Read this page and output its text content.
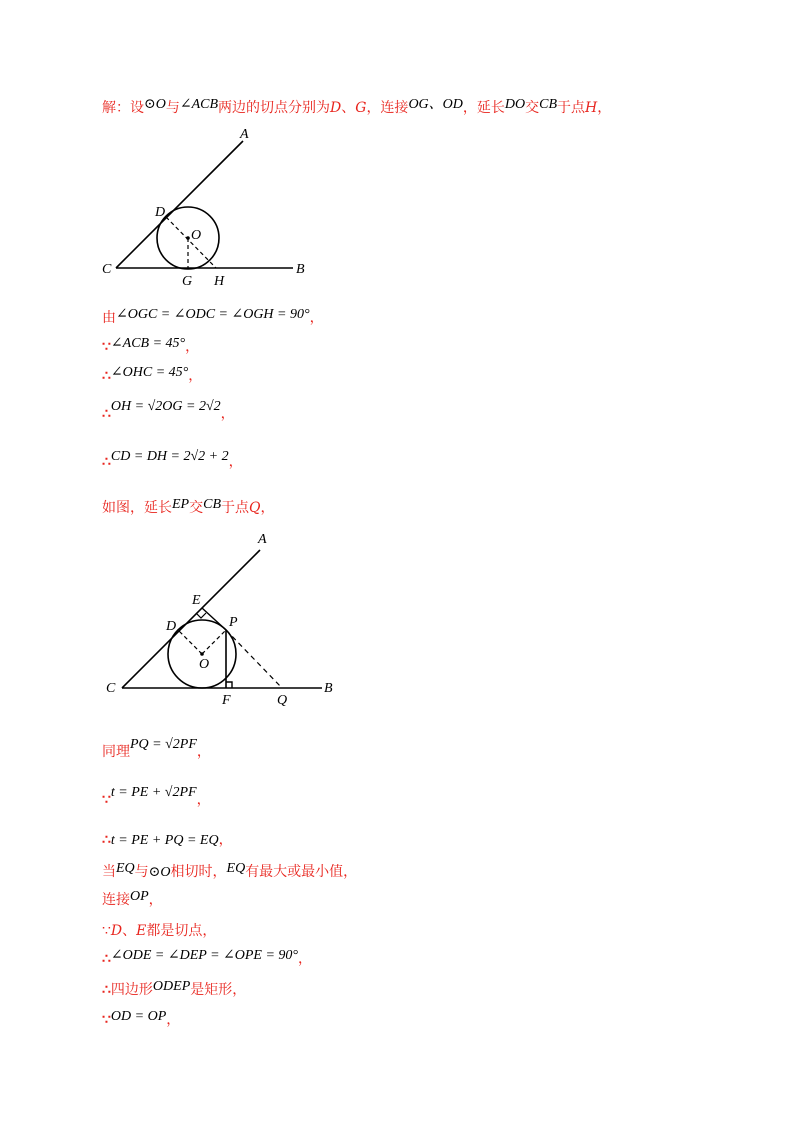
解：设⊙O与∠ACB两边的切点分别为D、G，连接OG、OD，延长DO交CB于点H，
A
D
O
C
G H
B
由∠OGC = ∠ODC = ∠OGH = 90°，
∵∠ACB = 45°，
∴∠OHC = 45°，
∴OH = √2OG = 2√2，
∴CD = DH = 2√2 + 2，
如图，延长EP交CB于点Q，
A
E
D	P
O
C
F	Q
B
同理PQ = √2PF，
∵t = PE + √2PF，
∴t = PE + PQ = EQ，
当EQ与⊙O相切时，EQ有最大或最小值，
连接OP，
∵D、E都是切点，
∴∠ODE = ∠DEP = ∠OPE = 90°，
∴四边形ODEP是矩形，
∵OD = OP，
